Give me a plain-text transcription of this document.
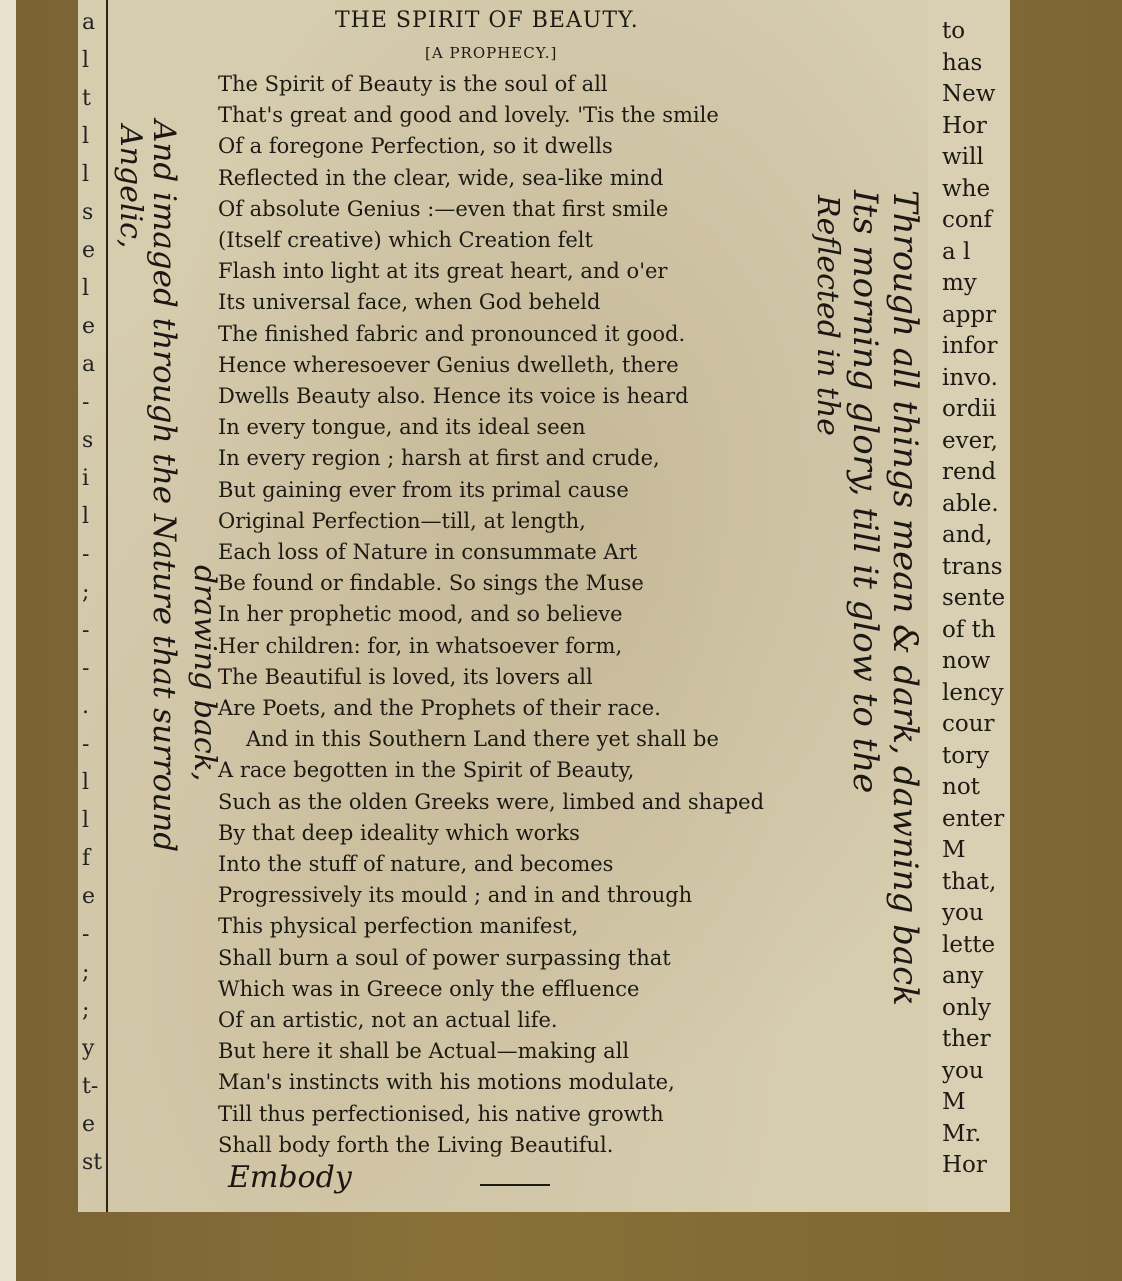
a
l
t
l
l
s
e
l
e
a
-
s
i
l
-
;
-
-
.
-
l
l
f
e
-
;
;
y
t-
e
st
to
has
New
Hor
will
whe
conf
a l
my
appr
infor
invo.
ordii
ever,
rend
able.
and,
trans
sente
of th
now
lency
cour
tory
not
enter
M
that,
you
lette
any
only
ther
you
M
Mr.
Hor
THE SPIRIT OF BEAUTY.
[A PROPHECY.]
The Spirit of Beauty is the soul of all
That's great and good and lovely. 'Tis the smile
Of a foregone Perfection, so it dwells
Reflected in the clear, wide, sea-like mind
Of absolute Genius :—even that first smile
(Itself creative) which Creation felt
Flash into light at its great heart, and o'er
Its universal face, when God beheld
The finished fabric and pronounced it good.
Hence wheresoever Genius dwelleth, there
Dwells Beauty also. Hence its voice is heard
In every tongue, and its ideal seen
In every region ; harsh at first and crude,
But gaining ever from its primal cause
Original Perfection—till, at length,
Each loss of Nature in consummate Art
Be found or findable. So sings the Muse
In her prophetic mood, and so believe
Her children: for, in whatsoever form,
The Beautiful is loved, its lovers all
Are Poets, and the Prophets of their race.
And in this Southern Land there yet shall be
A race begotten in the Spirit of Beauty,
Such as the olden Greeks were, limbed and shaped
By that deep ideality which works
Into the stuff of nature, and becomes
Progressively its mould ; and in and through
This physical perfection manifest,
Shall burn a soul of power surpassing that
Which was in Greece only the effluence
Of an artistic, not an actual life.
But here it shall be Actual—making all
Man's instincts with his motions modulate,
Till thus perfectionised, his native growth
Shall body forth the Living Beautiful.
Through all things mean & dark, dawning back
Its morning glory, till it glow to the
Reflected in the
And imaged through the Nature that surround
Angelic,
drawing back,
Embody
